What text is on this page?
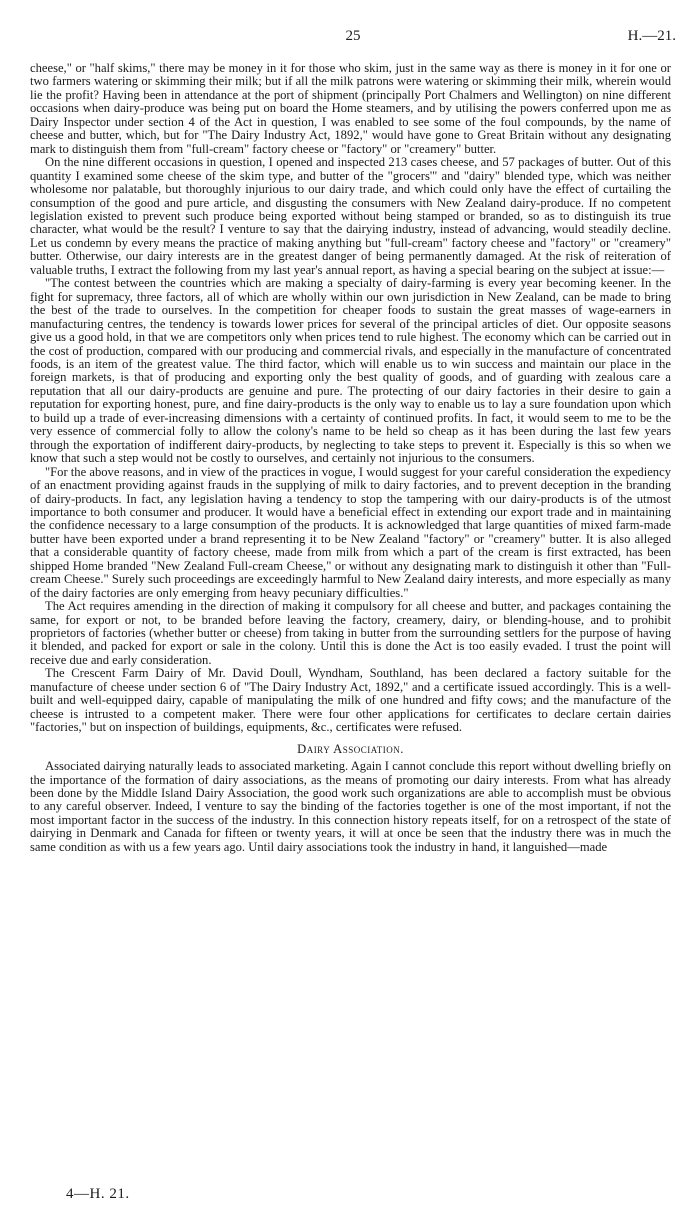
25	H.—21.

cheese," or "half skims," there may be money in it for those who skim, just in the same way as there is money in it for one or two farmers watering or skimming their milk; but if all the milk patrons were watering or skimming their milk, wherein would lie the profit? Having been in attendance at the port of shipment (principally Port Chalmers and Wellington) on nine different occasions when dairy-produce was being put on board the Home steamers, and by utilising the powers conferred upon me as Dairy Inspector under section 4 of the Act in question, I was enabled to see some of the foul compounds, by the name of cheese and butter, which, but for "The Dairy Industry Act, 1892," would have gone to Great Britain without any designating mark to distinguish them from "full-cream" factory cheese or "factory" or "creamery" butter.

On the nine different occasions in question, I opened and inspected 213 cases cheese, and 57 packages of butter. Out of this quantity I examined some cheese of the skim type, and butter of the "grocers'" and "dairy" blended type, which was neither wholesome nor palatable, but thoroughly injurious to our dairy trade, and which could only have the effect of curtailing the consumption of the good and pure article, and disgusting the consumers with New Zealand dairy-produce. If no competent legislation existed to prevent such produce being exported without being stamped or branded, so as to distinguish its true character, what would be the result? I venture to say that the dairying industry, instead of advancing, would steadily decline. Let us condemn by every means the practice of making anything but "full-cream" factory cheese and "factory" or "creamery" butter. Otherwise, our dairy interests are in the greatest danger of being permanently damaged. At the risk of reiteration of valuable truths, I extract the following from my last year's annual report, as having a special bearing on the subject at issue:—

"The contest between the countries which are making a specialty of dairy-farming is every year becoming keener. In the fight for supremacy, three factors, all of which are wholly within our own jurisdiction in New Zealand, can be made to bring the best of the trade to ourselves. In the competition for cheaper foods to sustain the great masses of wage-earners in manufacturing centres, the tendency is towards lower prices for several of the principal articles of diet. Our opposite seasons give us a good hold, in that we are competitors only when prices tend to rule highest. The economy which can be carried out in the cost of production, compared with our producing and commercial rivals, and especially in the manufacture of concentrated foods, is an item of the greatest value. The third factor, which will enable us to win success and maintain our place in the foreign markets, is that of producing and exporting only the best quality of goods, and of guarding with zealous care a reputation that all our dairy-products are genuine and pure. The protecting of our dairy factories in their desire to gain a reputation for exporting honest, pure, and fine dairy-products is the only way to enable us to lay a sure foundation upon which to build up a trade of ever-increasing dimensions with a certainty of continued profits. In fact, it would seem to me to be the very essence of commercial folly to allow the colony's name to be held so cheap as it has been during the last few years through the exportation of indifferent dairy-products, by neglecting to take steps to prevent it. Especially is this so when we know that such a step would not be costly to ourselves, and certainly not injurious to the consumers.

"For the above reasons, and in view of the practices in vogue, I would suggest for your careful consideration the expediency of an enactment providing against frauds in the supplying of milk to dairy factories, and to prevent deception in the branding of dairy-products. In fact, any legislation having a tendency to stop the tampering with our dairy-products is of the utmost importance to both consumer and producer. It would have a beneficial effect in extending our export trade and in maintaining the confidence necessary to a large consumption of the products. It is acknowledged that large quantities of mixed farm-made butter have been exported under a brand representing it to be New Zealand "factory" or "creamery" butter. It is also alleged that a considerable quantity of factory cheese, made from milk from which a part of the cream is first extracted, has been shipped Home branded "New Zealand Full-cream Cheese," or without any designating mark to distinguish it other than "Full-cream Cheese." Surely such proceedings are exceedingly harmful to New Zealand dairy interests, and more especially as many of the dairy factories are only emerging from heavy pecuniary difficulties."

The Act requires amending in the direction of making it compulsory for all cheese and butter, and packages containing the same, for export or not, to be branded before leaving the factory, creamery, dairy, or blending-house, and to prohibit proprietors of factories (whether butter or cheese) from taking in butter from the surrounding settlers for the purpose of having it blended, and packed for export or sale in the colony. Until this is done the Act is too easily evaded. I trust the point will receive due and early consideration.

The Crescent Farm Dairy of Mr. David Doull, Wyndham, Southland, has been declared a factory suitable for the manufacture of cheese under section 6 of "The Dairy Industry Act, 1892," and a certificate issued accordingly. This is a well-built and well-equipped dairy, capable of manipulating the milk of one hundred and fifty cows; and the manufacture of the cheese is intrusted to a competent maker. There were four other applications for certificates to declare certain dairies "factories," but on inspection of buildings, equipments, &c., certificates were refused.

Dairy Association.

Associated dairying naturally leads to associated marketing. Again I cannot conclude this report without dwelling briefly on the importance of the formation of dairy associations, as the means of promoting our dairy interests. From what has already been done by the Middle Island Dairy Association, the good work such organizations are able to accomplish must be obvious to any careful observer. Indeed, I venture to say the binding of the factories together is one of the most important, if not the most important factor in the success of the industry. In this connection history repeats itself, for on a retrospect of the state of dairying in Denmark and Canada for fifteen or twenty years, it will at once be seen that the industry there was in much the same condition as with us a few years ago. Until dairy associations took the industry in hand, it languished—made

4—H. 21.
